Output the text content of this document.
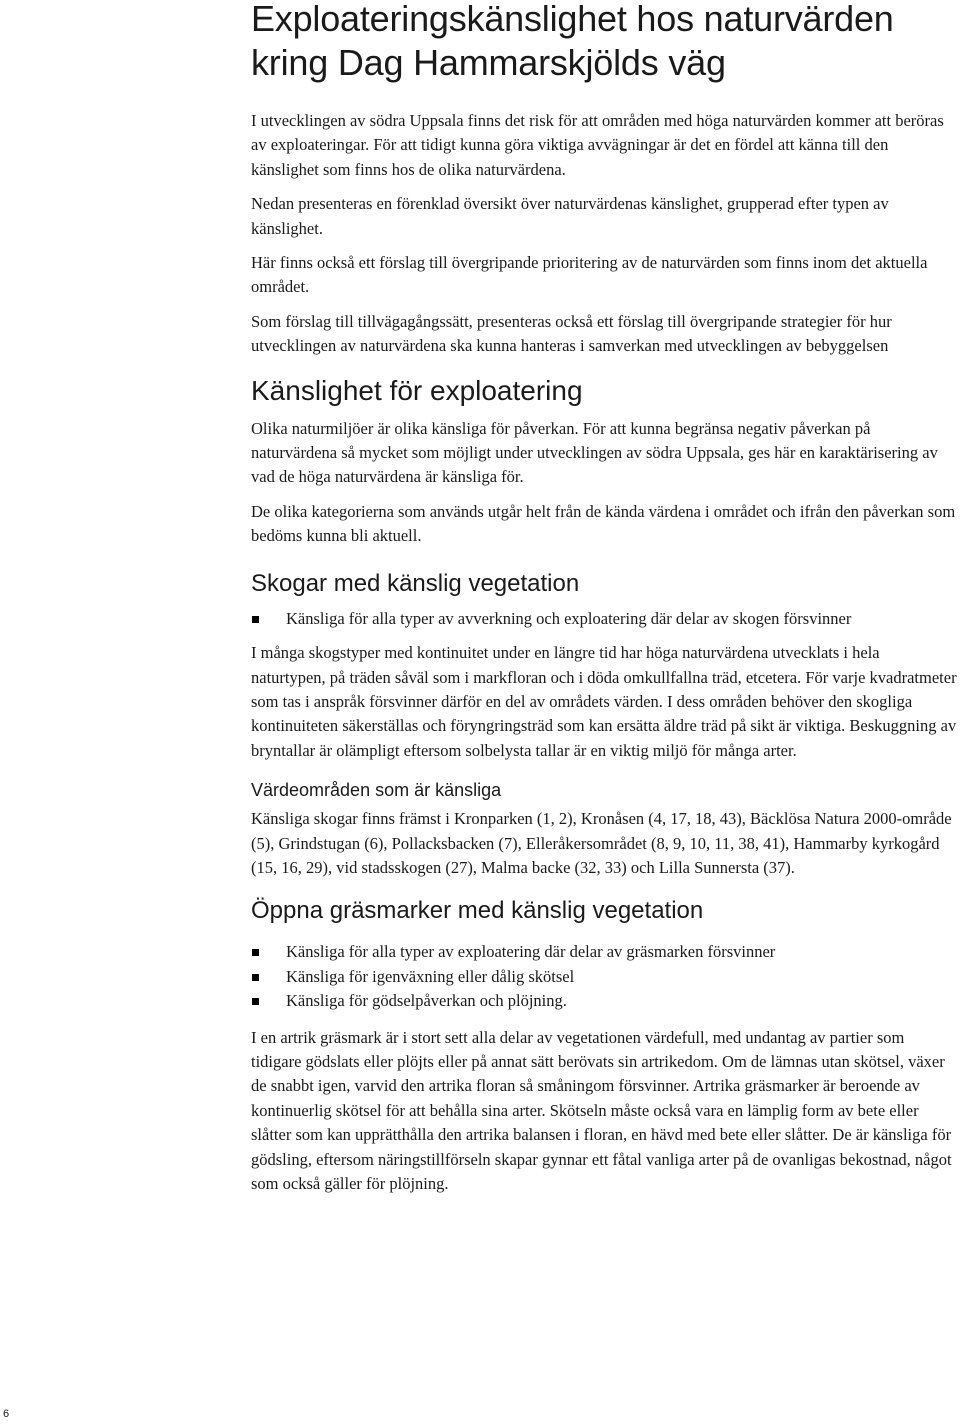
Exploateringskänslighet hos naturvärden
kring Dag Hammarskjölds väg

I utvecklingen av södra Uppsala finns det risk för att områden med höga naturvärden kommer att beröras av exploateringar. För att tidigt kunna göra viktiga avvägningar är det en fördel att känna till den känslighet som finns hos de olika naturvärdena.

Nedan presenteras en förenklad översikt över naturvärdenas känslighet, grupperad efter typen av känslighet.

Här finns också ett förslag till övergripande prioritering av de naturvärden som finns inom det aktuella området.

Som förslag till tillvägagångssätt, presenteras också ett förslag till övergripande strategier för hur utvecklingen av naturvärdena ska kunna hanteras i samverkan med utvecklingen av bebyggelsen

Känslighet för exploatering

Olika naturmiljöer är olika känsliga för påverkan. För att kunna begränsa negativ påverkan på naturvärdena så mycket som möjligt under utvecklingen av södra Uppsala, ges här en karaktärisering av vad de höga naturvärdena är känsliga för.

De olika kategorierna som används utgår helt från de kända värdena i området och ifrån den påverkan som bedöms kunna bli aktuell.

Skogar med känslig vegetation
Känsliga för alla typer av avverkning och exploatering där delar av skogen försvinner

I många skogstyper med kontinuitet under en längre tid har höga naturvärdena utvecklats i hela naturtypen, på träden såväl som i markfloran och i döda omkullfallna träd, etcetera. För varje kvadratmeter som tas i anspråk försvinner därför en del av områdets värden. I dess områden behöver den skogliga kontinuiteten säkerställas och föryngringsträd som kan ersätta äldre träd på sikt är viktiga. Beskuggning av bryntallar är olämpligt eftersom solbelysta tallar är en viktig miljö för många arter.

Värdeområden som är känsliga

Känsliga skogar finns främst i Kronparken (1, 2), Kronåsen (4, 17, 18, 43), Bäcklösa Natura 2000-område (5), Grindstugan (6), Pollacksbacken (7), Elleråkersområdet (8, 9, 10, 11, 38, 41), Hammarby kyrkogård (15, 16, 29), vid stadsskogen (27), Malma backe (32, 33) och Lilla Sunnersta (37).

Öppna gräsmarker med känslig vegetation
Känsliga för alla typer av exploatering där delar av gräsmarken försvinner
Känsliga för igenväxning eller dålig skötsel
Känsliga för gödselpåverkan och plöjning.

I en artrik gräsmark är i stort sett alla delar av vegetationen värdefull, med undantag av partier som tidigare gödslats eller plöjts eller på annat sätt berövats sin artrikedom. Om de lämnas utan skötsel, växer de snabbt igen, varvid den artrika floran så småningom försvinner. Artrika gräsmarker är beroende av kontinuerlig skötsel för att behålla sina arter. Skötseln måste också vara en lämplig form av bete eller slåtter som kan upprätthålla den artrika balansen i floran, en hävd med bete eller slåtter. De är känsliga för gödsling, eftersom näringstillförseln skapar gynnar ett fåtal vanliga arter på de ovanligas bekostnad, något som också gäller för plöjning.

6
